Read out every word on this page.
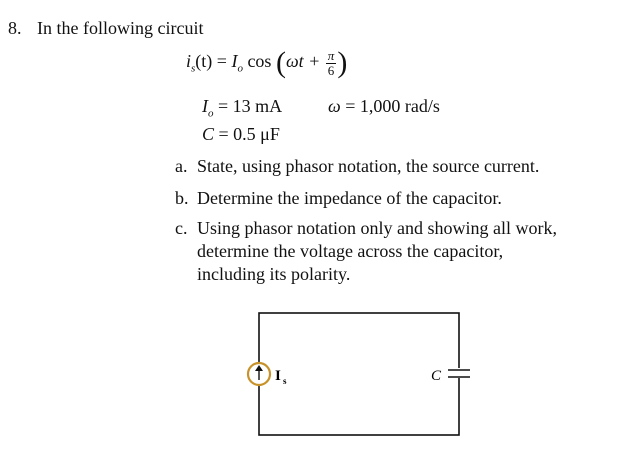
8. In the following circuit
$i_s(t) = I_o$ $\cos (\omega t + \frac{\pi}{6}$ )
$I_o = 13$ mA	ω = 1,000 rad/s
C = 0.5 μF
a. State, using phasor notation, the source current.
b. Determine the impedance of the capacitor.
c. Using phasor notation only and showing all work,
determine the voltage across the capacitor,
including its polarity.
I s	C
